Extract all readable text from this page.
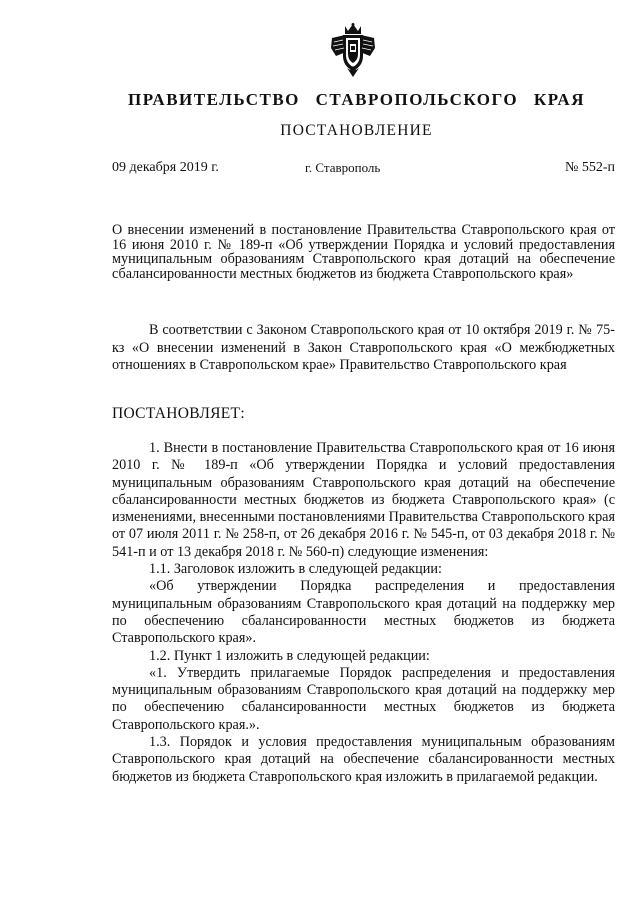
ПРАВИТЕЛЬСТВО СТАВРОПОЛЬСКОГО КРАЯ
ПОСТАНОВЛЕНИЕ
09 декабря 2019 г.	г. Ставрополь	№ 552-п
О внесении изменений в постановление Правительства Ставропольского края от 16 июня 2010 г. № 189-п «Об утверждении Порядка и условий предоставления муниципальным образованиям Ставропольского края дотаций на обеспечение сбалансированности местных бюджетов из бюджета Ставропольского края»
В соответствии с Законом Ставропольского края от 10 октября 2019 г. № 75-кз «О внесении изменений в Закон Ставропольского края «О межбюджетных отношениях в Ставропольском крае» Правительство Ставропольского края
ПОСТАНОВЛЯЕТ:

1. Внести в постановление Правительства Ставропольского края от 16 июня 2010 г. № 189-п «Об утверждении Порядка и условий предоставления муниципальным образованиям Ставропольского края дотаций на обеспечение сбалансированности местных бюджетов из бюджета Ставропольского края» (с изменениями, внесенными постановлениями Правительства Ставропольского края от 07 июля 2011 г. № 258-п, от 26 декабря 2016 г. № 545-п, от 03 декабря 2018 г. № 541-п и от 13 декабря 2018 г. № 560-п) следующие изменения:

1.1. Заголовок изложить в следующей редакции:

«Об утверждении Порядка распределения и предоставления муниципальным образованиям Ставропольского края дотаций на поддержку мер по обеспечению сбалансированности местных бюджетов из бюджета Ставропольского края».

1.2. Пункт 1 изложить в следующей редакции:

«1. Утвердить прилагаемые Порядок распределения и предоставления муниципальным образованиям Ставропольского края дотаций на поддержку мер по обеспечению сбалансированности местных бюджетов из бюджета Ставропольского края.».

1.3. Порядок и условия предоставления муниципальным образованиям Ставропольского края дотаций на обеспечение сбалансированности местных бюджетов из бюджета Ставропольского края изложить в прилагаемой редакции.
